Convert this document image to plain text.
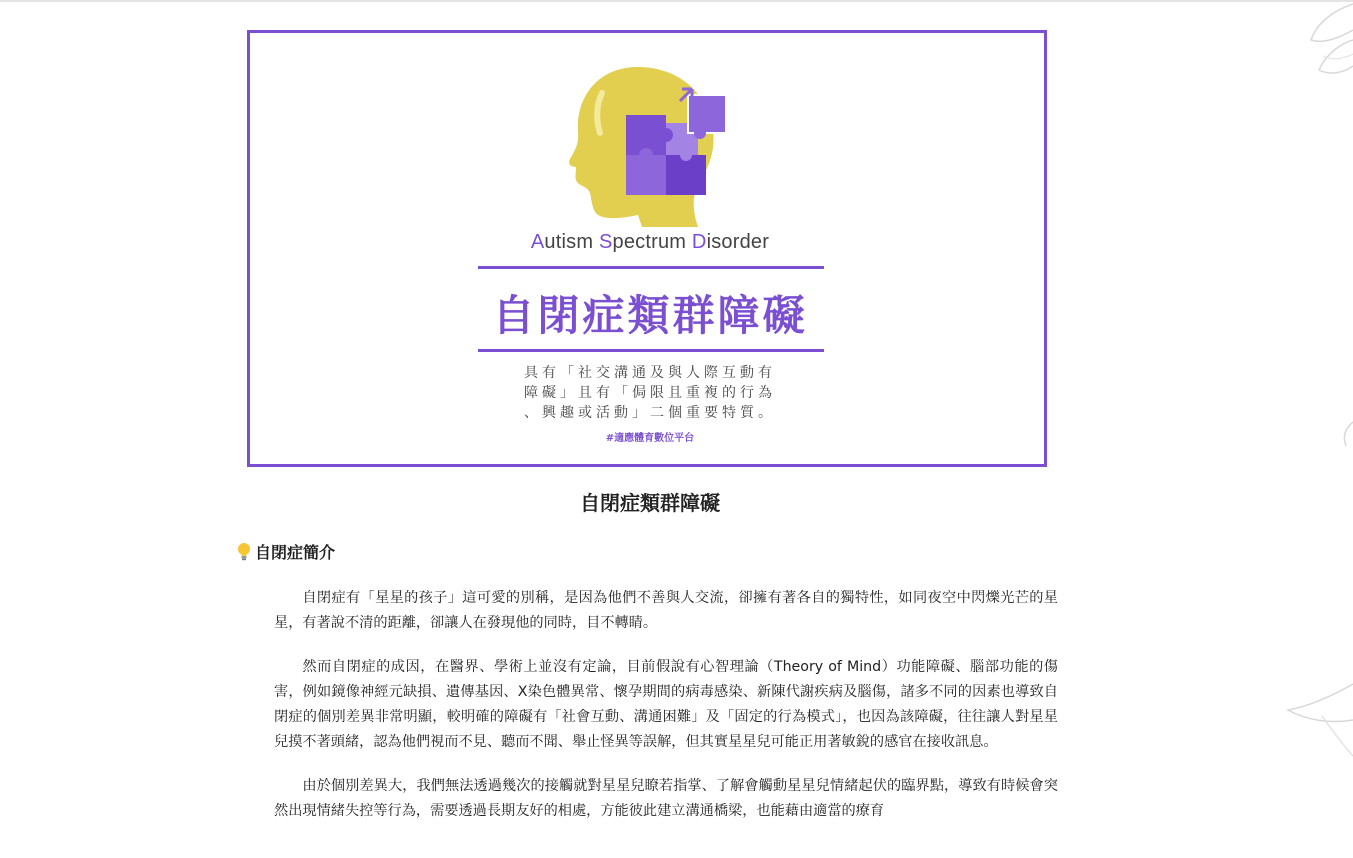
Autism Spectrum Disorder
自閉症類群障礙
具有「社交溝通及與人際互動有
障礙」且有「侷限且重複的行為
、興趣或活動」二個重要特質。
#適應體育數位平台
自閉症類群障礙
自閉症簡介

自閉症有「星星的孩子」這可愛的別稱，是因為他們不善與人交流，卻擁有著各自的獨特性，如同夜空中閃爍光芒的星星，有著說不清的距離，卻讓人在發現他的同時，目不轉睛。

然而自閉症的成因，在醫界、學術上並沒有定論，目前假說有心智理論（Theory of Mind）功能障礙、腦部功能的傷害，例如鏡像神經元缺損、遺傳基因、X染色體異常、懷孕期間的病毒感染、新陳代謝疾病及腦傷，諸多不同的因素也導致自閉症的個別差異非常明顯，較明確的障礙有「社會互動、溝通困難」及「固定的行為模式」，也因為該障礙，往往讓人對星星兒摸不著頭緒，認為他們視而不見、聽而不聞、舉止怪異等誤解，但其實星星兒可能正用著敏銳的感官在接收訊息。

由於個別差異大，我們無法透過幾次的接觸就對星星兒瞭若指掌、了解會觸動星星兒情緒起伏的臨界點，導致有時候會突然出現情緒失控等行為，需要透過長期友好的相處，方能彼此建立溝通橋梁，也能藉由適當的療育
